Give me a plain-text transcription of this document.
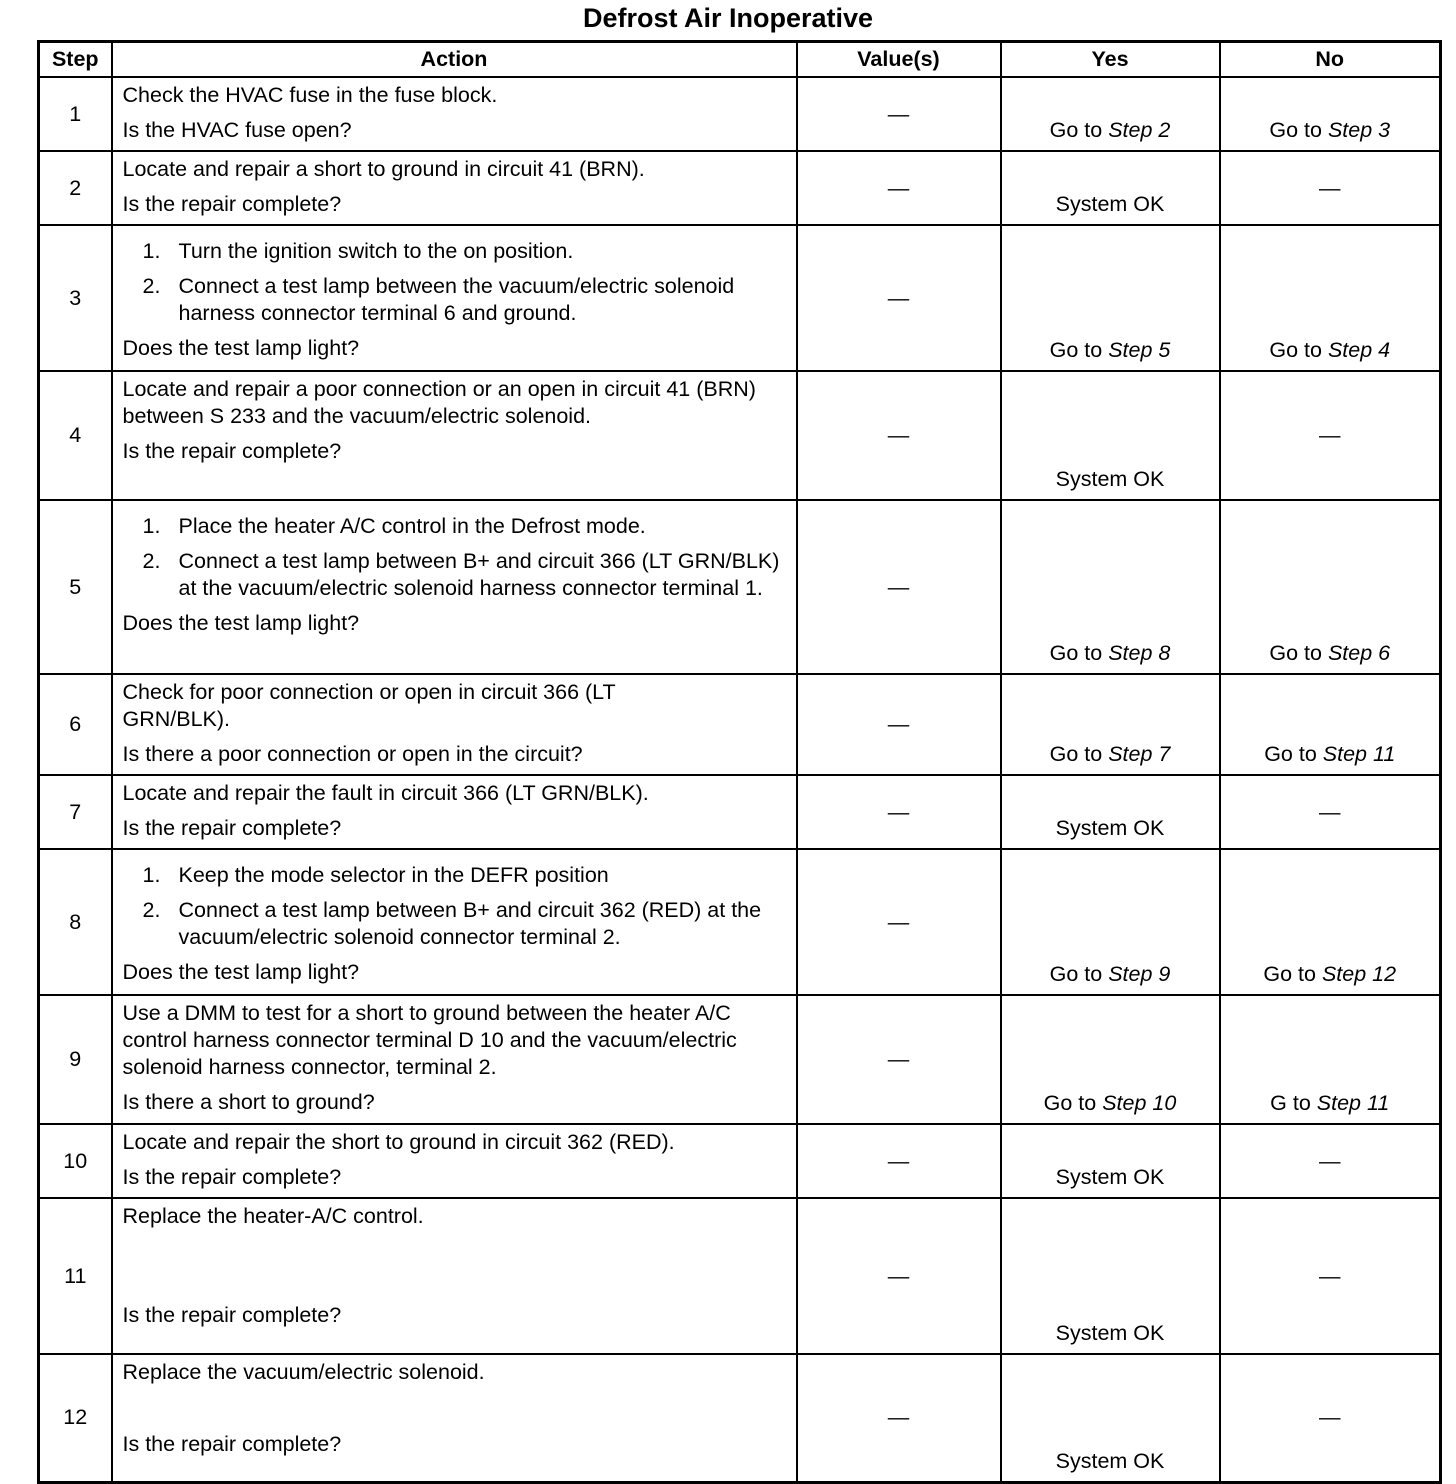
Defrost Air Inoperative
Step	Action	Value(s)	Yes	No
1	Check the HVAC fuse in the fuse block.
Is the HVAC fuse open?	—	Go to Step 2	Go to Step 3
2	Locate and repair a short to ground in circuit 41 (BRN).
Is the repair complete?	—	System OK	—
3	1. Turn the ignition switch to the on position.
2. Connect a test lamp between the vacuum/electric solenoid harness connector terminal 6 and ground.
Does the test lamp light?	—	Go to Step 5	Go to Step 4
4	Locate and repair a poor connection or an open in circuit 41 (BRN) between S 233 and the vacuum/electric solenoid.
Is the repair complete?	—	System OK	—
5	1. Place the heater A/C control in the Defrost mode.
2. Connect a test lamp between B+ and circuit 366 (LT GRN/BLK) at the vacuum/electric solenoid harness connector terminal 1.
Does the test lamp light?	—	Go to Step 8	Go to Step 6
6	Check for poor connection or open in circuit 366 (LT GRN/BLK).
Is there a poor connection or open in the circuit?	—	Go to Step 7	Go to Step 11
7	Locate and repair the fault in circuit 366 (LT GRN/BLK).
Is the repair complete?	—	System OK	—
8	1. Keep the mode selector in the DEFR position
2. Connect a test lamp between B+ and circuit 362 (RED) at the vacuum/electric solenoid connector terminal 2.
Does the test lamp light?	—	Go to Step 9	Go to Step 12
9	Use a DMM to test for a short to ground between the heater A/C control harness connector terminal D 10 and the vacuum/electric solenoid harness connector, terminal 2.
Is there a short to ground?	—	Go to Step 10	G to Step 11
10	Locate and repair the short to ground in circuit 362 (RED).
Is the repair complete?	—	System OK	—
11	Replace the heater-A/C control.
Is the repair complete?	—	System OK	—
12	Replace the vacuum/electric solenoid.
Is the repair complete?	—	System OK	—
